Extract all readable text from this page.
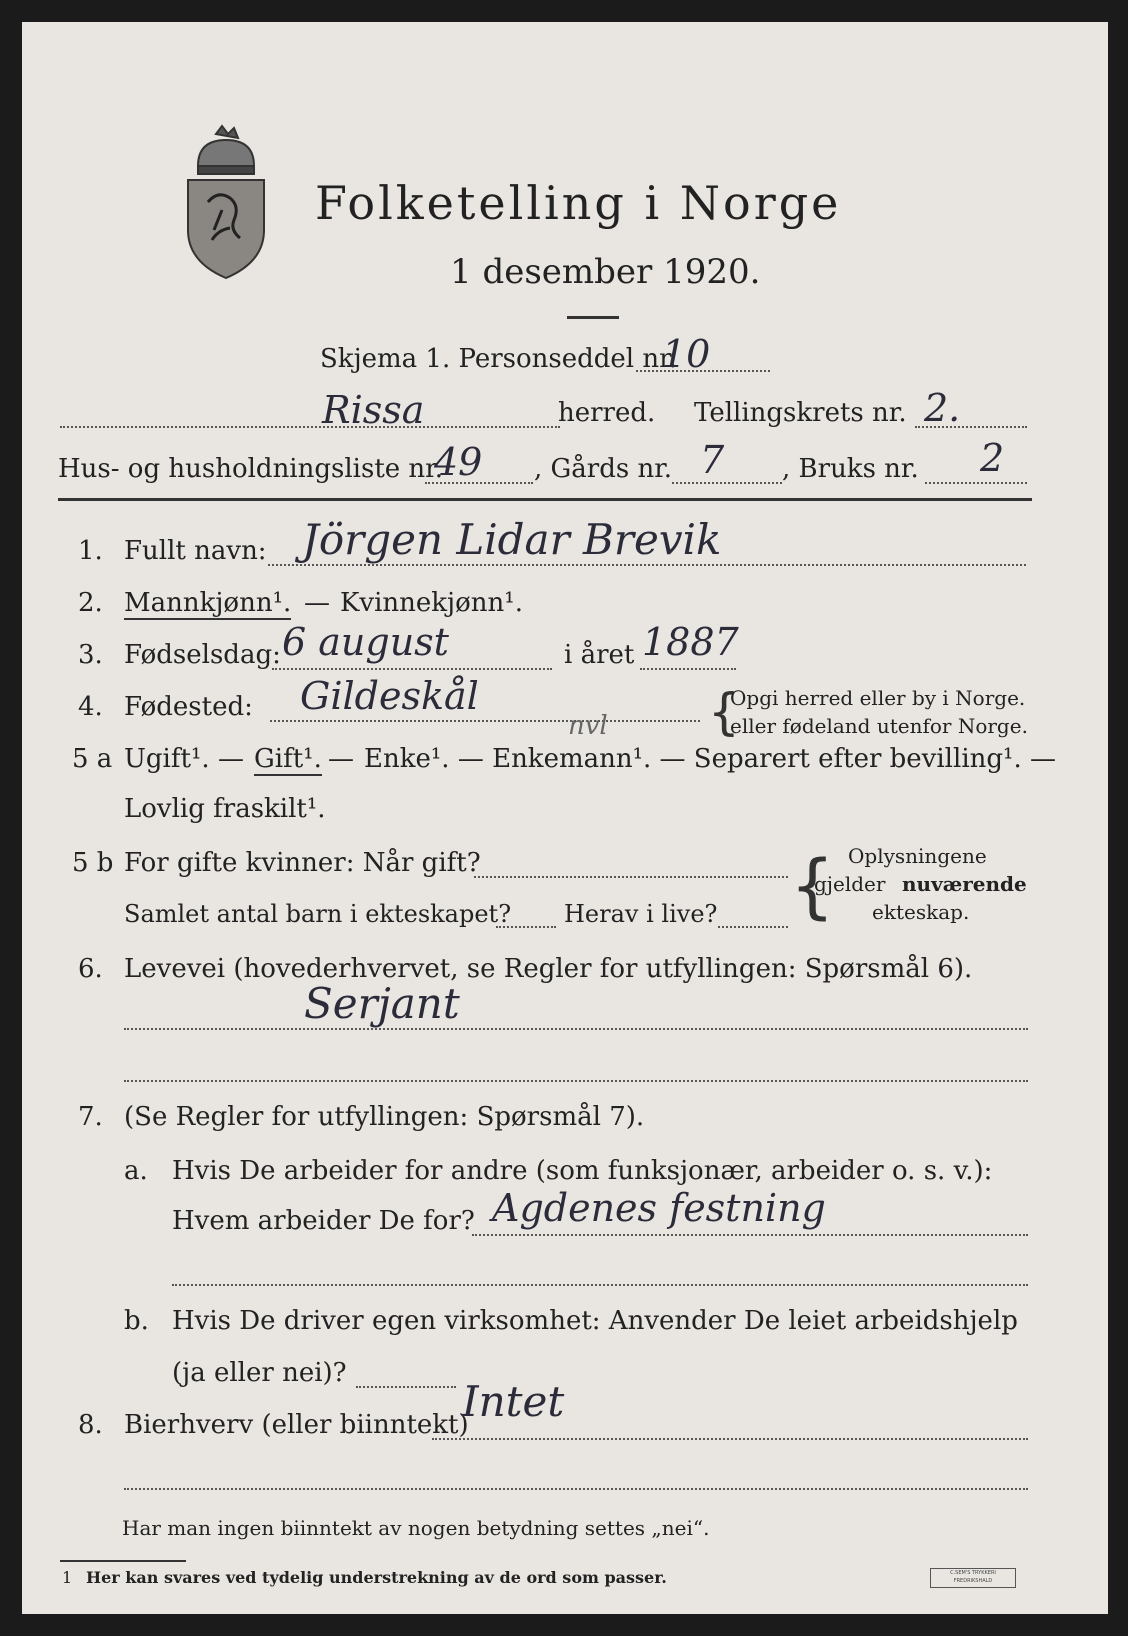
Folketelling i Norge
1 desember 1920.
Skjema 1. Personseddel nr.
10
Rissa	herred. Tellingskrets nr. 2.
Hus- og husholdningsliste nr.
49 , Gårds nr. 7 , Bruks nr. 2
1. Fullt navn: Jörgen Lidar Brevik
2. Mannkjønn¹. — Kvinnekjønn¹.
3. Fødselsdag: 6 august	i året 1887
4. Fødested: Gildeskål
nvl {
Opgi herred eller by i Norge.
eller fødeland utenfor Norge.
5 a Ugift¹. — Gift¹. — Enke¹. — Enkemann¹. — Separert efter bevilling¹. —
Lovlig fraskilt¹.
5 b For gifte kvinner: Når gift?
Samlet antal barn i ekteskapet? Herav i live? { Oplysningene
gjelder nuværende
ekteskap.
6. Levevei (hovederhvervet, se Regler for utfyllingen: Spørsmål 6).
Serjant
7. (Se Regler for utfyllingen: Spørsmål 7).
a. Hvis De arbeider for andre (som funksjonær, arbeider o. s. v.):
Hvem arbeider De for? Agdenes festning
b. Hvis De driver egen virksomhet: Anvender De leiet arbeidshjelp
(ja eller nei)?
8. Bierhverv (eller biinntekt)
Intet
Har man ingen biinntekt av nogen betydning settes „nei“.
1 Her kan svares ved tydelig understrekning av de ord som passer.	C.SEM'S TRYKKERI FREDRIKSHALD
